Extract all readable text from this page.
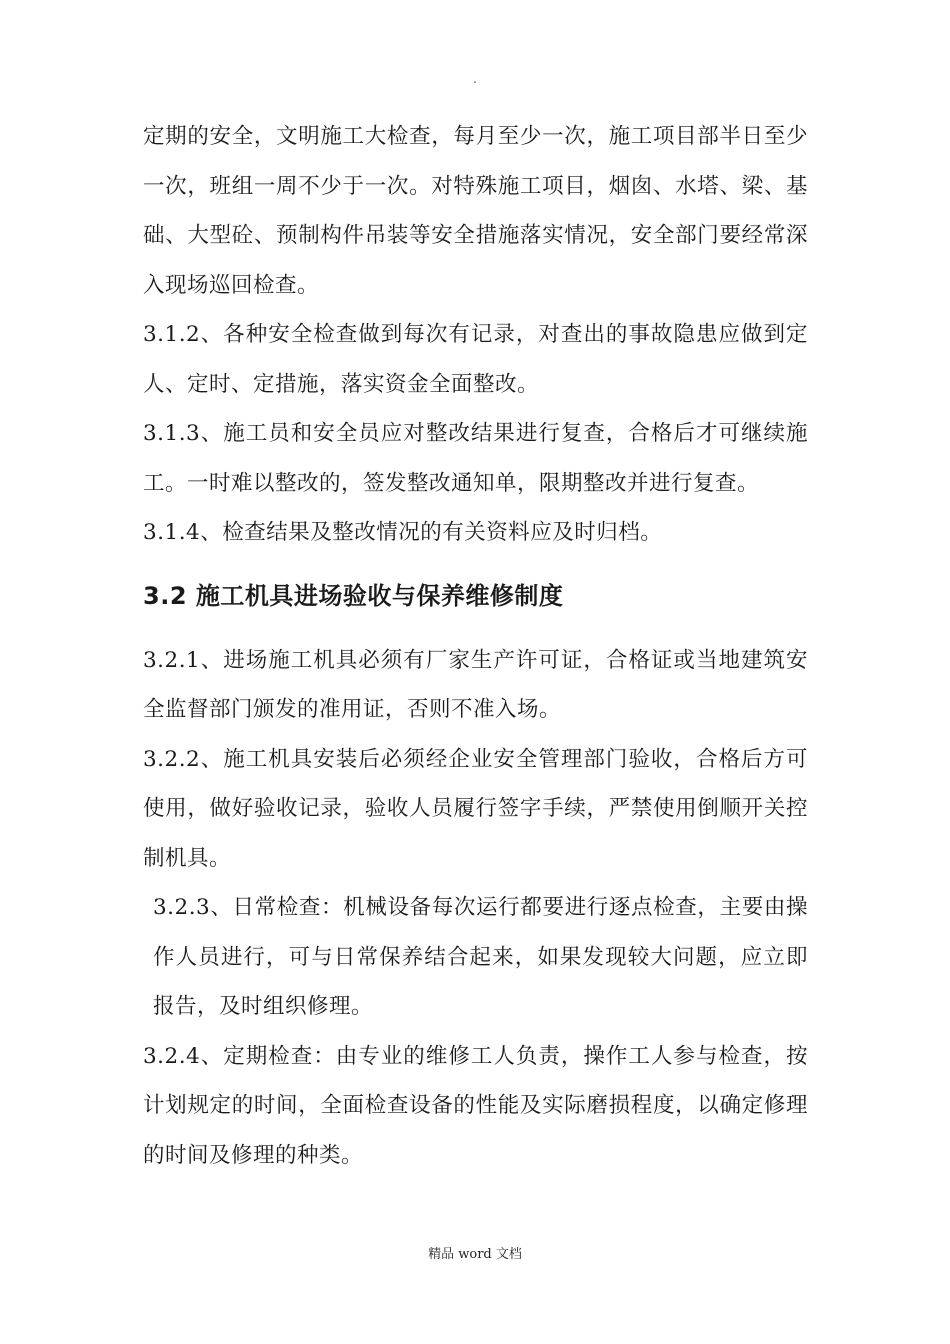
.

定期的安全，文明施工大检查，每月至少一次，施工项目部半日至少一次，班组一周不少于一次。对特殊施工项目，烟囱、水塔、梁、基础、大型砼、预制构件吊装等安全措施落实情况，安全部门要经常深入现场巡回检查。

3.1.2、各种安全检查做到每次有记录，对查出的事故隐患应做到定人、定时、定措施，落实资金全面整改。

3.1.3、施工员和安全员应对整改结果进行复查，合格后才可继续施工。一时难以整改的，签发整改通知单，限期整改并进行复查。

3.1.4、检查结果及整改情况的有关资料应及时归档。

3.2 施工机具进场验收与保养维修制度

3.2.1、进场施工机具必须有厂家生产许可证，合格证或当地建筑安全监督部门颁发的准用证，否则不准入场。

3.2.2、施工机具安装后必须经企业安全管理部门验收，合格后方可使用，做好验收记录，验收人员履行签字手续，严禁使用倒顺开关控制机具。

3.2.3、日常检查：机械设备每次运行都要进行逐点检查，主要由操作人员进行，可与日常保养结合起来，如果发现较大问题，应立即报告，及时组织修理。

3.2.4、定期检查：由专业的维修工人负责，操作工人参与检查，按计划规定的时间，全面检查设备的性能及实际磨损程度，以确定修理的时间及修理的种类。

精品 word 文档
